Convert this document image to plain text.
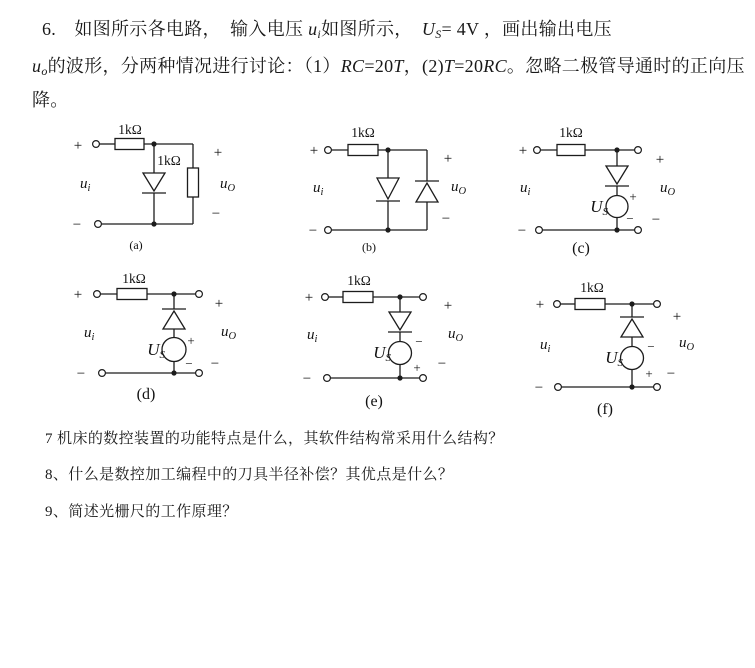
6.　如图所示各电路，　输入电压 ui如图所示，　US= 4V ，画出输出电压
uo的波形，分两种情况进行讨论：（1）RC=20T，(2)T=20RC。忽略二极管导通时的正向压
降。
1kΩ
+
1kΩ
−
$u_i$
+
$u_O$
−
(a)
1kΩ
+
−
$u_i$
+
$u_O$
−
(b)
1kΩ
+
US
+
−
−
$u_i$
+
$u_O$
−
(c)
1kΩ
+
US
+
−
−
$u_i$
+
$u_O$
−
(d)
1kΩ
+
US
−
+
−
$u_i$
+
$u_O$
−
(e)
1kΩ
+
US
−
+
−
$u_i$
+
$u_O$
−
(f)
7 机床的数控装置的功能特点是什么，其软件结构常采用什么结构？
8、什么是数控加工编程中的刀具半径补偿？其优点是什么？
9、简述光栅尺的工作原理？
